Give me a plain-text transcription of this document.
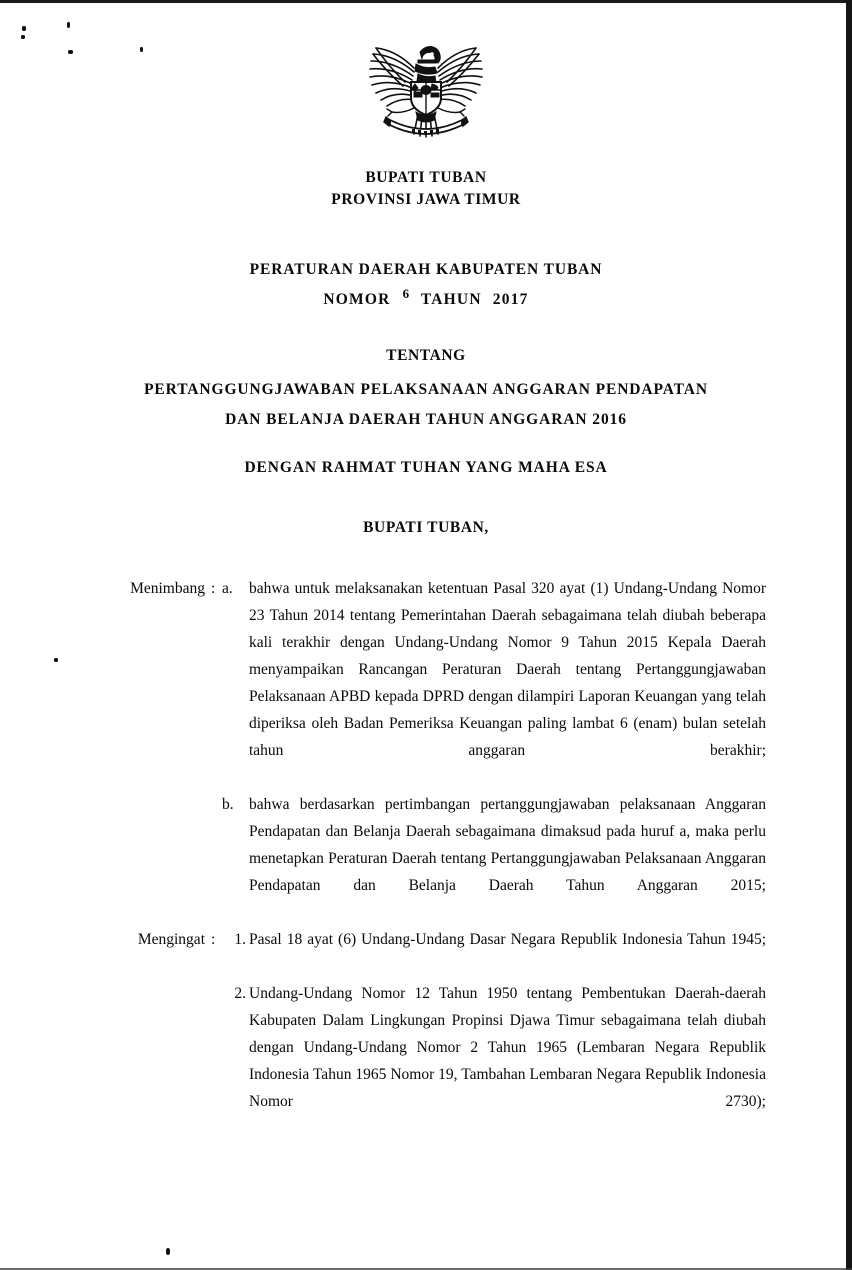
BUPATI TUBAN
PROVINSI JAWA TIMUR
PERATURAN DAERAH KABUPATEN TUBAN
NOMOR 6 TAHUN 2017
TENTANG
PERTANGGUNGJAWABAN PELAKSANAAN ANGGARAN PENDAPATAN
DAN BELANJA DAERAH TAHUN ANGGARAN 2016
DENGAN RAHMAT TUHAN YANG MAHA ESA
BUPATI TUBAN,
Menimbang : a.	bahwa untuk melaksanakan ketentuan Pasal 320 ayat (1) Undang-Undang Nomor 23 Tahun 2014 tentang Pemerintahan Daerah sebagaimana telah diubah beberapa kali terakhir dengan Undang-Undang Nomor 9 Tahun 2015 Kepala Daerah menyampaikan Rancangan Peraturan Daerah tentang Pertanggungjawaban Pelaksanaan APBD kepada DPRD dengan dilampiri Laporan Keuangan yang telah diperiksa oleh Badan Pemeriksa Keuangan paling lambat 6 (enam) bulan setelah tahun anggaran berakhir;
b. bahwa berdasarkan pertimbangan pertanggungjawaban pelaksanaan Anggaran Pendapatan dan Belanja Daerah sebagaimana dimaksud pada huruf a, maka perlu menetapkan Peraturan Daerah tentang Pertanggungjawaban Pelaksanaan Anggaran Pendapatan dan Belanja Daerah Tahun Anggaran 2015;
Mengingat :	1. Pasal 18 ayat (6) Undang-Undang Dasar Negara Republik Indonesia Tahun 1945;
2. Undang-Undang Nomor 12 Tahun 1950 tentang Pembentukan Daerah-daerah Kabupaten Dalam Lingkungan Propinsi Djawa Timur sebagaimana telah diubah dengan Undang-Undang Nomor 2 Tahun 1965 (Lembaran Negara Republik Indonesia Tahun 1965 Nomor 19, Tambahan Lembaran Negara Republik Indonesia Nomor 2730);
